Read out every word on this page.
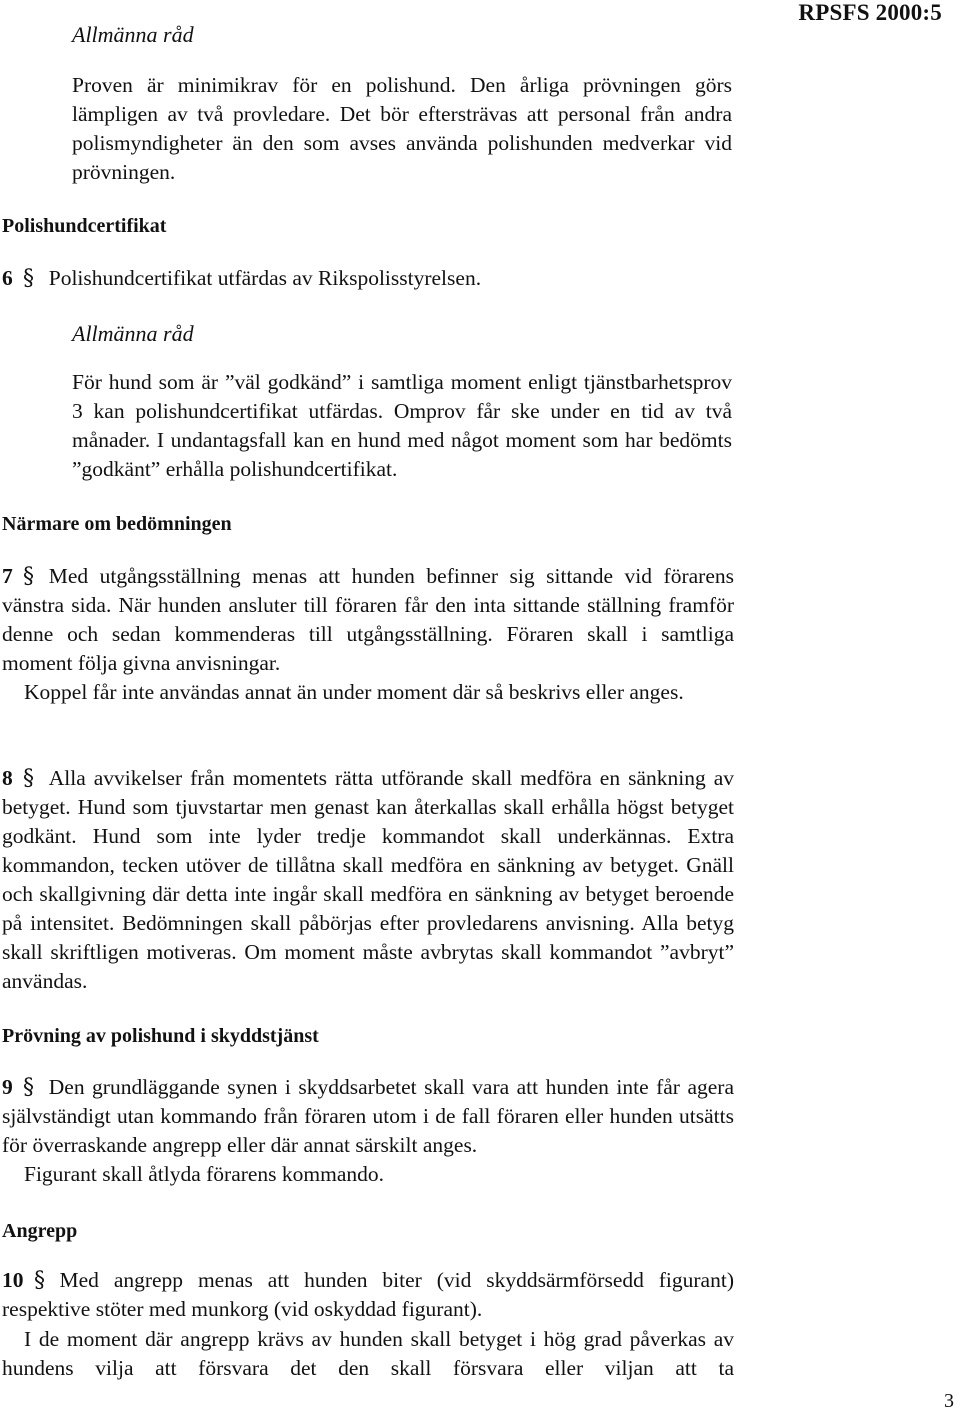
RPSFS 2000:5
Allmänna råd
Proven är minimikrav för en polishund. Den årliga prövningen görs lämpligen av två provledare. Det bör eftersträvas att personal från andra polismyndigheter än den som avses använda polishunden medverkar vid prövningen.
Polishundcertifikat
6 § Polishundcertifikat utfärdas av Rikspolisstyrelsen.
Allmänna råd
För hund som är ”väl godkänd” i samtliga moment enligt tjänstbarhetsprov 3 kan polishundcertifikat utfärdas. Omprov får ske under en tid av två månader. I undantagsfall kan en hund med något moment som har bedömts ”godkänt” erhålla polishundcertifikat.
Närmare om bedömningen
7 § Med utgångsställning menas att hunden befinner sig sittande vid förarens vänstra sida. När hunden ansluter till föraren får den inta sittande ställning framför denne och sedan kommenderas till utgångsställning. Föraren skall i samtliga moment följa givna anvisningar.
Koppel får inte användas annat än under moment där så beskrivs eller anges.
8 § Alla avvikelser från momentets rätta utförande skall medföra en sänkning av betyget. Hund som tjuvstartar men genast kan återkallas skall erhålla högst betyget godkänt. Hund som inte lyder tredje kommandot skall underkännas. Extra kommandon, tecken utöver de tillåtna skall medföra en sänkning av betyget. Gnäll och skallgivning där detta inte ingår skall medföra en sänkning av betyget beroende på intensitet. Bedömningen skall påbörjas efter provledarens anvisning. Alla betyg skall skriftligen motiveras. Om moment måste avbrytas skall kommandot ”avbryt” användas.
Prövning av polishund i skyddstjänst
9 § Den grundläggande synen i skyddsarbetet skall vara att hunden inte får agera självständigt utan kommando från föraren utom i de fall föraren eller hunden utsätts för överraskande angrepp eller där annat särskilt anges.
Figurant skall åtlyda förarens kommando.
Angrepp
10 § Med angrepp menas att hunden biter (vid skyddsärmförsedd figurant) respektive stöter med munkorg (vid oskyddad figurant).
I de moment där angrepp krävs av hunden skall betyget i hög grad påverkas av hundens vilja att försvara det den skall försvara eller viljan att ta
3
